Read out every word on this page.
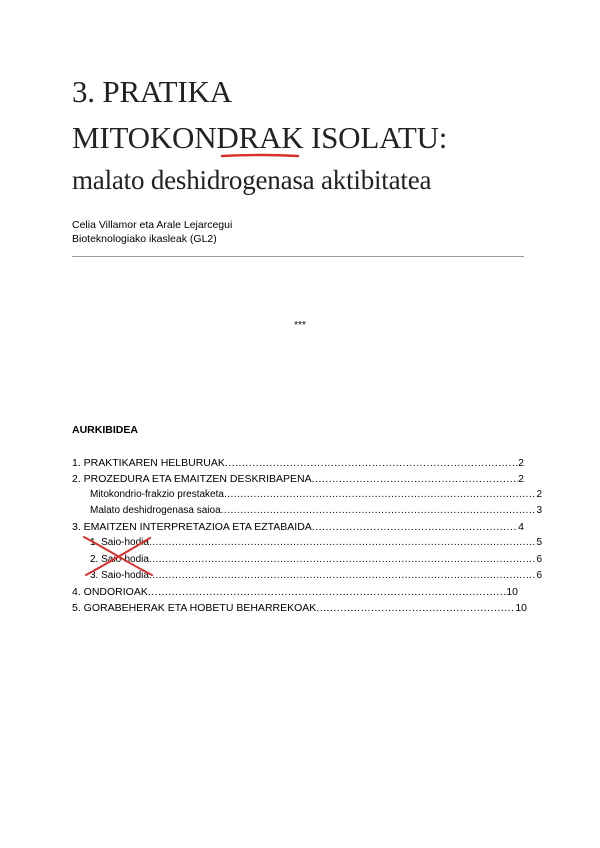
3. PRATIKA
MITOKONDRAK ISOLATU:
malato deshidrogenasa aktibitatea
Celia Villamor eta Arale Lejarcegui
Bioteknologiako ikasleak (GL2)
***
AURKIBIDEA
1. PRAKTIKAREN HELBURUAK .....	2
2. PROZEDURA ETA EMAITZEN DESKRIBAPENA .....	2
Mitokondrio-frakzio prestaketa .....	2
Malato deshidrogenasa saioa .....	3
3. EMAITZEN INTERPRETAZIOA ETA EZTABAIDA .....	4
1. Saio-hodia .....	5
2. Saio-hodia .....	6
3. Saio-hodia .....	6
4. ONDORIOAK .....	10
5. GORABEHERAK ETA HOBETU BEHARREKOAK .....	10
